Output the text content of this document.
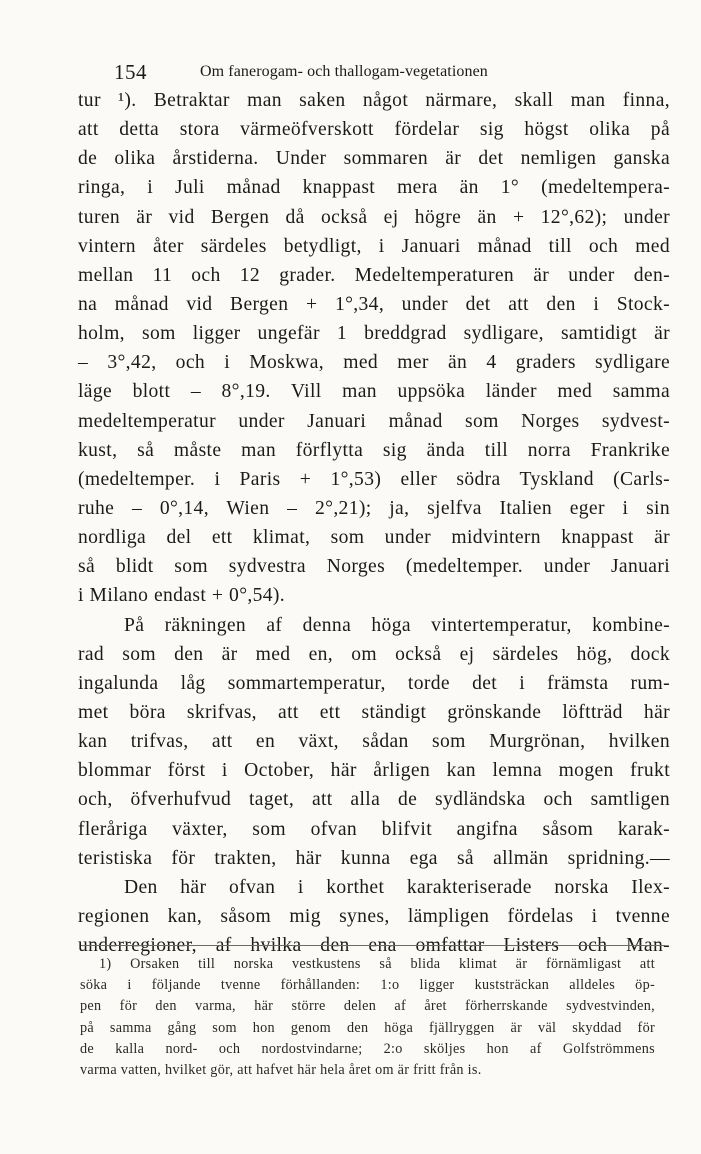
154	Om fanerogam- och thallogam-vegetationen
tur ¹). Betraktar man saken något närmare, skall man finna,
att detta stora värmeöfverskott fördelar sig högst olika på
de olika årstiderna. Under sommaren är det nemligen ganska
ringa, i Juli månad knappast mera än 1° (medeltempera-
turen är vid Bergen då också ej högre än + 12°,62); under
vintern åter särdeles betydligt, i Januari månad till och med
mellan 11 och 12 grader. Medeltemperaturen är under den-
na månad vid Bergen + 1°,34, under det att den i Stock-
holm, som ligger ungefär 1 breddgrad sydligare, samtidigt är
– 3°,42, och i Moskwa, med mer än 4 graders sydligare
läge blott – 8°,19. Vill man uppsöka länder med samma
medeltemperatur under Januari månad som Norges sydvest-
kust, så måste man förflytta sig ända till norra Frankrike
(medeltemper. i Paris + 1°,53) eller södra Tyskland (Carls-
ruhe – 0°,14, Wien – 2°,21); ja, sjelfva Italien eger i sin
nordliga del ett klimat, som under midvintern knappast är
så blidt som sydvestra Norges (medeltemper. under Januari
i Milano endast + 0°,54).
På räkningen af denna höga vintertemperatur, kombine-
rad som den är med en, om också ej särdeles hög, dock
ingalunda låg sommartemperatur, torde det i främsta rum-
met böra skrifvas, att ett ständigt grönskande löftträd här
kan trifvas, att en växt, sådan som Murgrönan, hvilken
blommar först i October, här årligen kan lemna mogen frukt
och, öfverhufvud taget, att alla de sydländska och samtligen
fleråriga växter, som ofvan blifvit angifna såsom karak-
teristiska för trakten, här kunna ega så allmän spridning.—
Den här ofvan i korthet karakteriserade norska Ilex-
regionen kan, såsom mig synes, lämpligen fördelas i tvenne
underregioner, af hvilka den ena omfattar Listers och Man-
1) Orsaken till norska vestkustens så blida klimat är förnämligast att
söka i följande tvenne förhållanden: 1:o ligger kuststräckan alldeles öp-
pen för den varma, här större delen af året förherrskande sydvestvinden,
på samma gång som hon genom den höga fjällryggen är väl skyddad för
de kalla nord- och nordostvindarne; 2:o sköljes hon af Golfströmmens
varma vatten, hvilket gör, att hafvet här hela året om är fritt från is.
